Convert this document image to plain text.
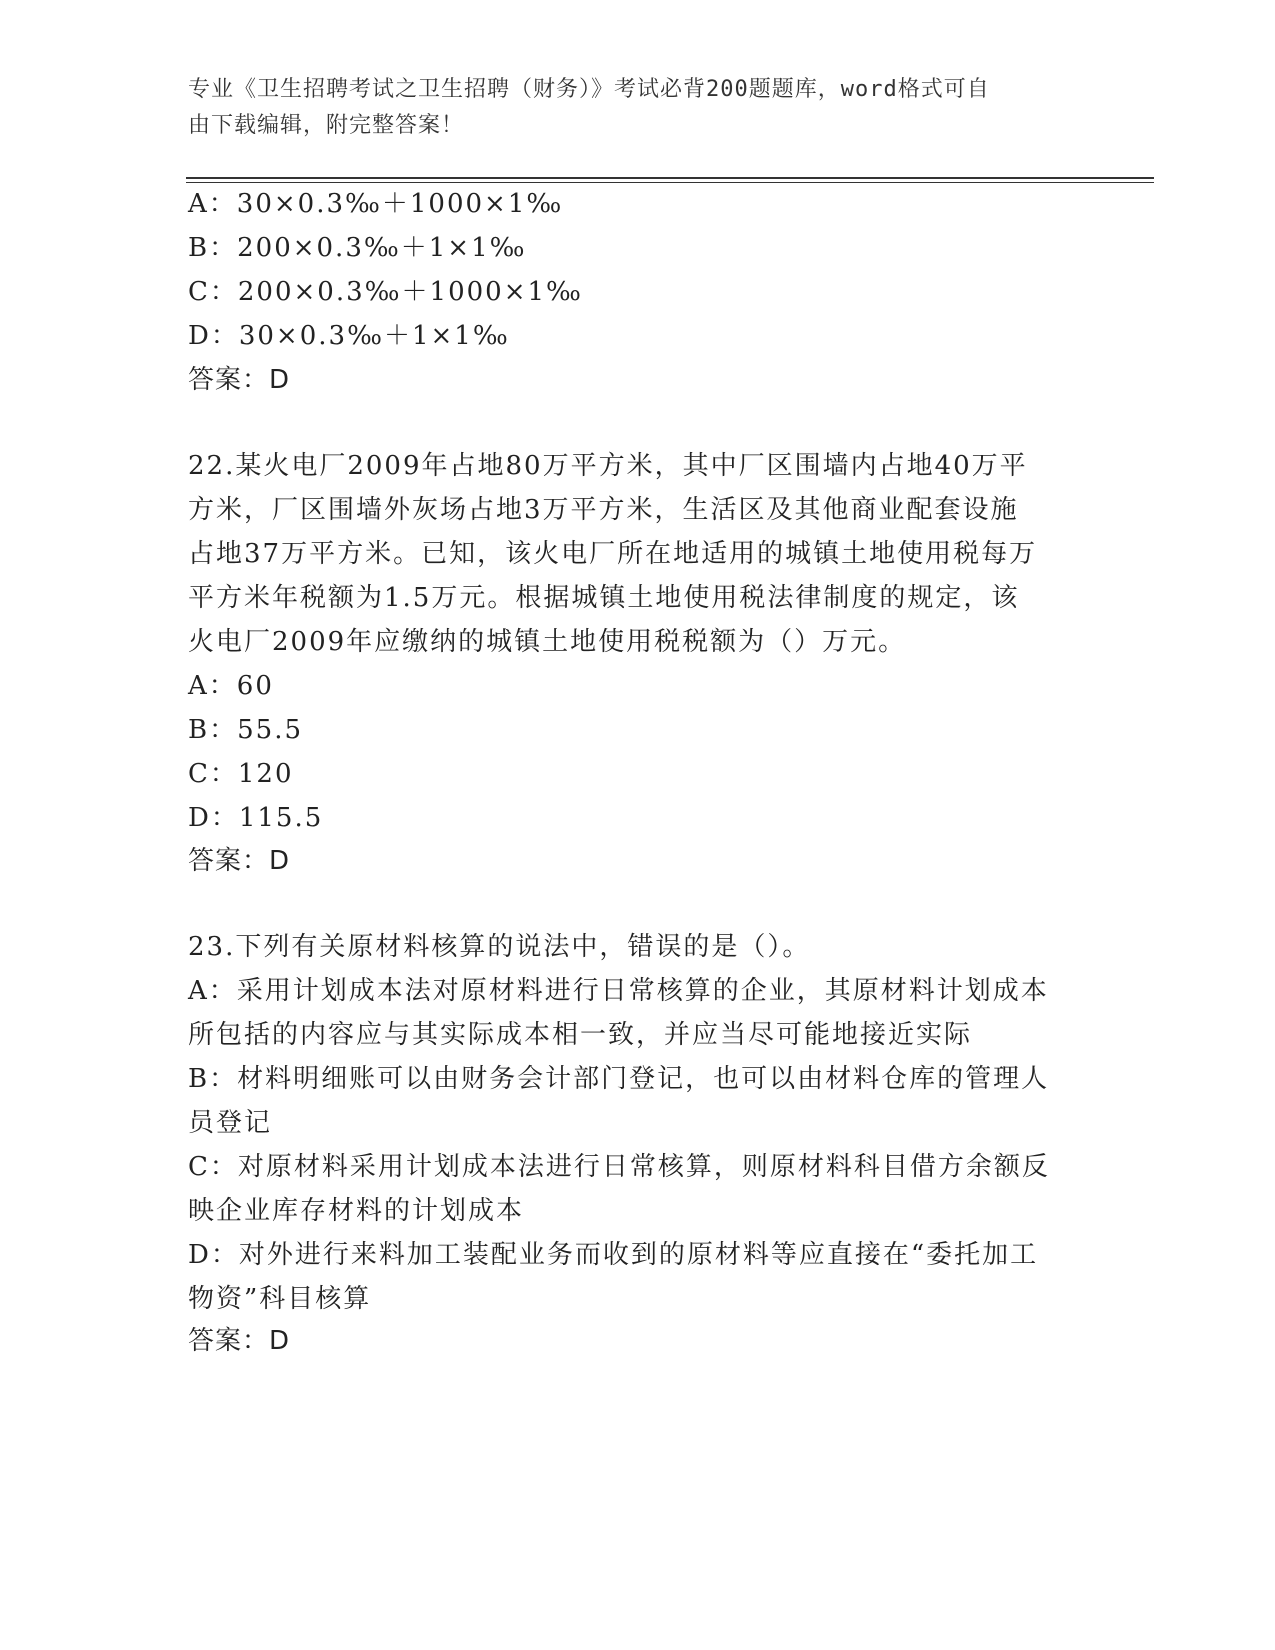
专业《卫生招聘考试之卫生招聘（财务）》考试必背200题题库，word格式可自
由下载编辑，附完整答案！
A：30×0.3‰＋1000×1‰
B：200×0.3‰＋1×1‰
C：200×0.3‰＋1000×1‰
D：30×0.3‰＋1×1‰
答案：D
22.某火电厂2009年占地80万平方米，其中厂区围墙内占地40万平
方米，厂区围墙外灰场占地3万平方米，生活区及其他商业配套设施
占地37万平方米。已知，该火电厂所在地适用的城镇土地使用税每万
平方米年税额为1.5万元。根据城镇土地使用税法律制度的规定，该
火电厂2009年应缴纳的城镇土地使用税税额为（）万元。
A：60
B：55.5
C：120
D：115.5
答案：D
23.下列有关原材料核算的说法中，错误的是（）。
A：采用计划成本法对原材料进行日常核算的企业，其原材料计划成本
所包括的内容应与其实际成本相一致，并应当尽可能地接近实际
B：材料明细账可以由财务会计部门登记，也可以由材料仓库的管理人
员登记
C：对原材料采用计划成本法进行日常核算，则原材料科目借方余额反
映企业库存材料的计划成本
D：对外进行来料加工装配业务而收到的原材料等应直接在“委托加工
物资”科目核算
答案：D
